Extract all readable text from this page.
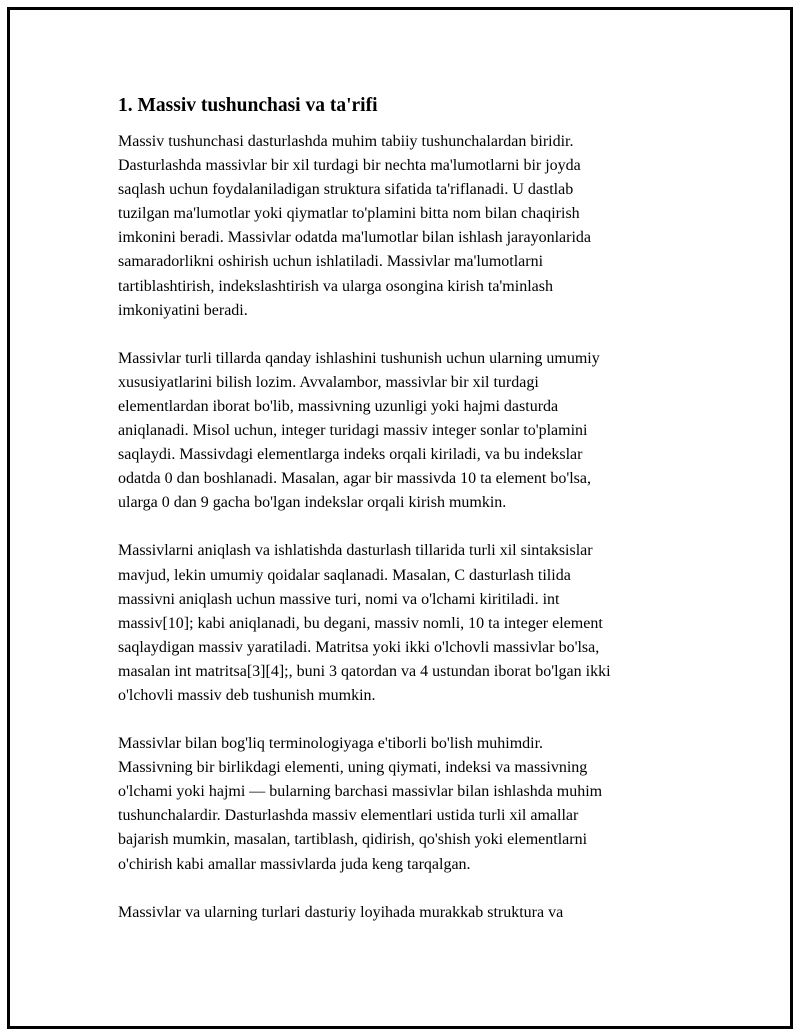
1. Massiv tushunchasi va ta'rifi

Massiv tushunchasi dasturlashda muhim tabiiy tushunchalardan biridir.
Dasturlashda massivlar bir xil turdagi bir nechta ma'lumotlarni bir joyda
saqlash uchun foydalaniladigan struktura sifatida ta'riflanadi. U dastlab
tuzilgan ma'lumotlar yoki qiymatlar to'plamini bitta nom bilan chaqirish
imkonini beradi. Massivlar odatda ma'lumotlar bilan ishlash jarayonlarida
samaradorlikni oshirish uchun ishlatiladi. Massivlar ma'lumotlarni
tartiblashtirish, indekslashtirish va ularga osongina kirish ta'minlash
imkoniyatini beradi.

Massivlar turli tillarda qanday ishlashini tushunish uchun ularning umumiy
xususiyatlarini bilish lozim. Avvalambor, massivlar bir xil turdagi
elementlardan iborat bo'lib, massivning uzunligi yoki hajmi dasturda
aniqlanadi. Misol uchun, integer turidagi massiv integer sonlar to'plamini
saqlaydi. Massivdagi elementlarga indeks orqali kiriladi, va bu indekslar
odatda 0 dan boshlanadi. Masalan, agar bir massivda 10 ta element bo'lsa,
ularga 0 dan 9 gacha bo'lgan indekslar orqali kirish mumkin.

Massivlarni aniqlash va ishlatishda dasturlash tillarida turli xil sintaksislar
mavjud, lekin umumiy qoidalar saqlanadi. Masalan, C dasturlash tilida
massivni aniqlash uchun massive turi, nomi va o'lchami kiritiladi. int
massiv[10]; kabi aniqlanadi, bu degani, massiv nomli, 10 ta integer element
saqlaydigan massiv yaratiladi. Matritsa yoki ikki o'lchovli massivlar bo'lsa,
masalan int matritsa[3][4];, buni 3 qatordan va 4 ustundan iborat bo'lgan ikki
o'lchovli massiv deb tushunish mumkin.

Massivlar bilan bog'liq terminologiyaga e'tiborli bo'lish muhimdir.
Massivning bir birlikdagi elementi, uning qiymati, indeksi va massivning
o'lchami yoki hajmi — bularning barchasi massivlar bilan ishlashda muhim
tushunchalardir. Dasturlashda massiv elementlari ustida turli xil amallar
bajarish mumkin, masalan, tartiblash, qidirish, qo'shish yoki elementlarni
o'chirish kabi amallar massivlarda juda keng tarqalgan.

Massivlar va ularning turlari dasturiy loyihada murakkab struktura va
